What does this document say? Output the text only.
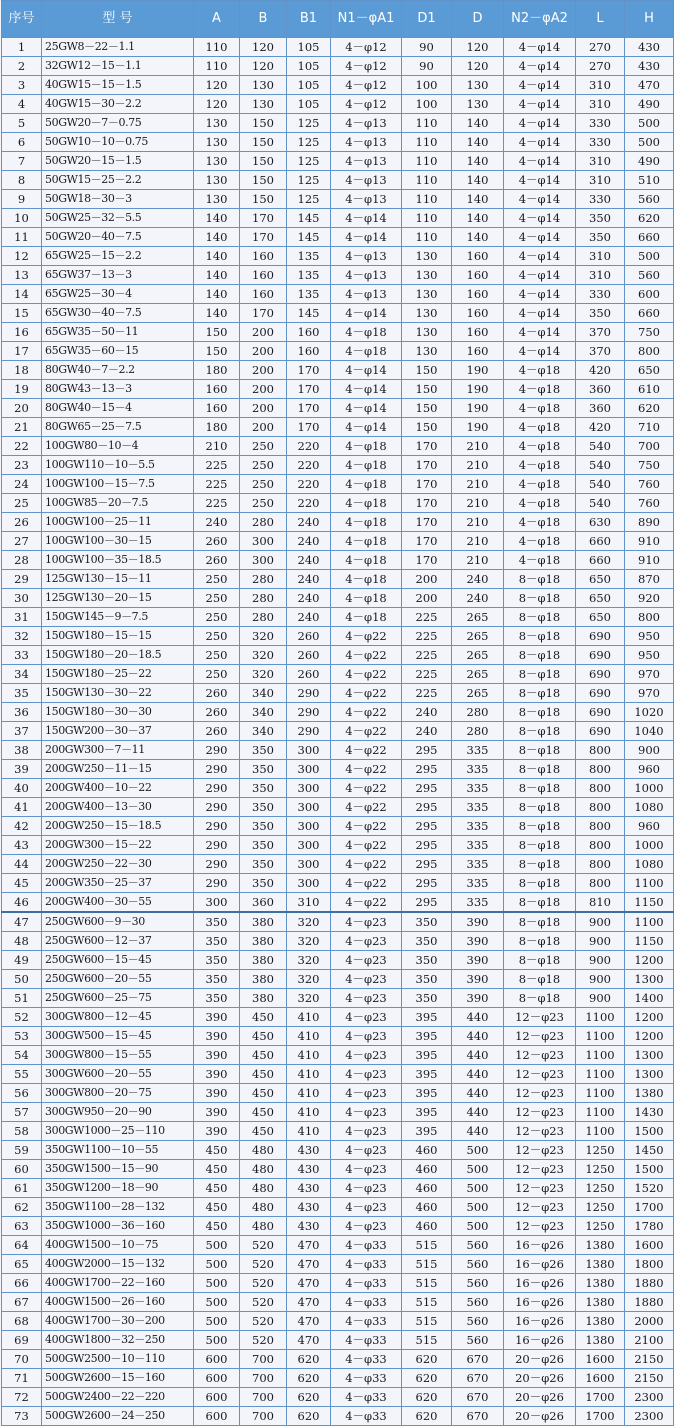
序号	型 号	A	B	B1	N1－φA1	D1	D	N2－φA2	L	H
1	25GW8－22－1.1	110	120	105	4－φ12	90	120	4－φ14	270	430
2	32GW12－15－1.1	110	120	105	4－φ12	90	120	4－φ14	270	430
3	40GW15－15－1.5	120	130	105	4－φ12	100	130	4－φ14	310	470
4	40GW15－30－2.2	120	130	105	4－φ12	100	130	4－φ14	310	490
5	50GW20－7－0.75	130	150	125	4－φ13	110	140	4－φ14	330	500
6	50GW10－10－0.75	130	150	125	4－φ13	110	140	4－φ14	330	500
7	50GW20－15－1.5	130	150	125	4－φ13	110	140	4－φ14	310	490
8	50GW15－25－2.2	130	150	125	4－φ13	110	140	4－φ14	310	510
9	50GW18－30－3	130	150	125	4－φ13	110	140	4－φ14	330	560
10	50GW25－32－5.5	140	170	145	4－φ14	110	140	4－φ14	350	620
11	50GW20－40－7.5	140	170	145	4－φ14	110	140	4－φ14	350	660
12	65GW25－15－2.2	140	160	135	4－φ13	130	160	4－φ14	310	500
13	65GW37－13－3	140	160	135	4－φ13	130	160	4－φ14	310	560
14	65GW25－30－4	140	160	135	4－φ13	130	160	4－φ14	330	600
15	65GW30－40－7.5	140	170	145	4－φ14	130	160	4－φ14	350	660
16	65GW35－50－11	150	200	160	4－φ18	130	160	4－φ14	370	750
17	65GW35－60－15	150	200	160	4－φ18	130	160	4－φ14	370	800
18	80GW40－7－2.2	180	200	170	4－φ14	150	190	4－φ18	420	650
19	80GW43－13－3	160	200	170	4－φ14	150	190	4－φ18	360	610
20	80GW40－15－4	160	200	170	4－φ14	150	190	4－φ18	360	620
21	80GW65－25－7.5	180	200	170	4－φ14	150	190	4－φ18	420	710
22	100GW80－10－4	210	250	220	4－φ18	170	210	4－φ18	540	700
23	100GW110－10－5.5	225	250	220	4－φ18	170	210	4－φ18	540	750
24	100GW100－15－7.5	225	250	220	4－φ18	170	210	4－φ18	540	760
25	100GW85－20－7.5	225	250	220	4－φ18	170	210	4－φ18	540	760
26	100GW100－25－11	240	280	240	4－φ18	170	210	4－φ18	630	890
27	100GW100－30－15	260	300	240	4－φ18	170	210	4－φ18	660	910
28	100GW100－35－18.5	260	300	240	4－φ18	170	210	4－φ18	660	910
29	125GW130－15－11	250	280	240	4－φ18	200	240	8－φ18	650	870
30	125GW130－20－15	250	280	240	4－φ18	200	240	8－φ18	650	920
31	150GW145－9－7.5	250	280	240	4－φ18	225	265	8－φ18	650	800
32	150GW180－15－15	250	320	260	4－φ22	225	265	8－φ18	690	950
33	150GW180－20－18.5	250	320	260	4－φ22	225	265	8－φ18	690	950
34	150GW180－25－22	250	320	260	4－φ22	225	265	8－φ18	690	970
35	150GW130－30－22	260	340	290	4－φ22	225	265	8－φ18	690	970
36	150GW180－30－30	260	340	290	4－φ22	240	280	8－φ18	690	1020
37	150GW200－30－37	260	340	290	4－φ22	240	280	8－φ18	690	1040
38	200GW300－7－11	290	350	300	4－φ22	295	335	8－φ18	800	900
39	200GW250－11－15	290	350	300	4－φ22	295	335	8－φ18	800	960
40	200GW400－10－22	290	350	300	4－φ22	295	335	8－φ18	800	1000
41	200GW400－13－30	290	350	300	4－φ22	295	335	8－φ18	800	1080
42	200GW250－15－18.5	290	350	300	4－φ22	295	335	8－φ18	800	960
43	200GW300－15－22	290	350	300	4－φ22	295	335	8－φ18	800	1000
44	200GW250－22－30	290	350	300	4－φ22	295	335	8－φ18	800	1080
45	200GW350－25－37	290	350	300	4－φ22	295	335	8－φ18	800	1100
46	200GW400－30－55	300	360	310	4－φ22	295	335	8－φ18	810	1150
47	250GW600－9－30	350	380	320	4－φ23	350	390	8－φ18	900	1100
48	250GW600－12－37	350	380	320	4－φ23	350	390	8－φ18	900	1150
49	250GW600－15－45	350	380	320	4－φ23	350	390	8－φ18	900	1200
50	250GW600－20－55	350	380	320	4－φ23	350	390	8－φ18	900	1300
51	250GW600－25－75	350	380	320	4－φ23	350	390	8－φ18	900	1400
52	300GW800－12－45	390	450	410	4－φ23	395	440	12－φ23	1100	1200
53	300GW500－15－45	390	450	410	4－φ23	395	440	12－φ23	1100	1200
54	300GW800－15－55	390	450	410	4－φ23	395	440	12－φ23	1100	1300
55	300GW600－20－55	390	450	410	4－φ23	395	440	12－φ23	1100	1300
56	300GW800－20－75	390	450	410	4－φ23	395	440	12－φ23	1100	1380
57	300GW950－20－90	390	450	410	4－φ23	395	440	12－φ23	1100	1430
58	300GW1000－25－110	390	450	410	4－φ23	395	440	12－φ23	1100	1500
59	350GW1100－10－55	450	480	430	4－φ23	460	500	12－φ23	1250	1450
60	350GW1500－15－90	450	480	430	4－φ23	460	500	12－φ23	1250	1500
61	350GW1200－18－90	450	480	430	4－φ23	460	500	12－φ23	1250	1520
62	350GW1100－28－132	450	480	430	4－φ23	460	500	12－φ23	1250	1700
63	350GW1000－36－160	450	480	430	4－φ23	460	500	12－φ23	1250	1780
64	400GW1500－10－75	500	520	470	4－φ33	515	560	16－φ26	1380	1600
65	400GW2000－15－132	500	520	470	4－φ33	515	560	16－φ26	1380	1800
66	400GW1700－22－160	500	520	470	4－φ33	515	560	16－φ26	1380	1880
67	400GW1500－26－160	500	520	470	4－φ33	515	560	16－φ26	1380	1880
68	400GW1700－30－200	500	520	470	4－φ33	515	560	16－φ26	1380	2000
69	400GW1800－32－250	500	520	470	4－φ33	515	560	16－φ26	1380	2100
70	500GW2500－10－110	600	700	620	4－φ33	620	670	20－φ26	1600	2150
71	500GW2600－15－160	600	700	620	4－φ33	620	670	20－φ26	1600	2150
72	500GW2400－22－220	600	700	620	4－φ33	620	670	20－φ26	1700	2300
73	500GW2600－24－250	600	700	620	4－φ33	620	670	20－φ26	1700	2300
